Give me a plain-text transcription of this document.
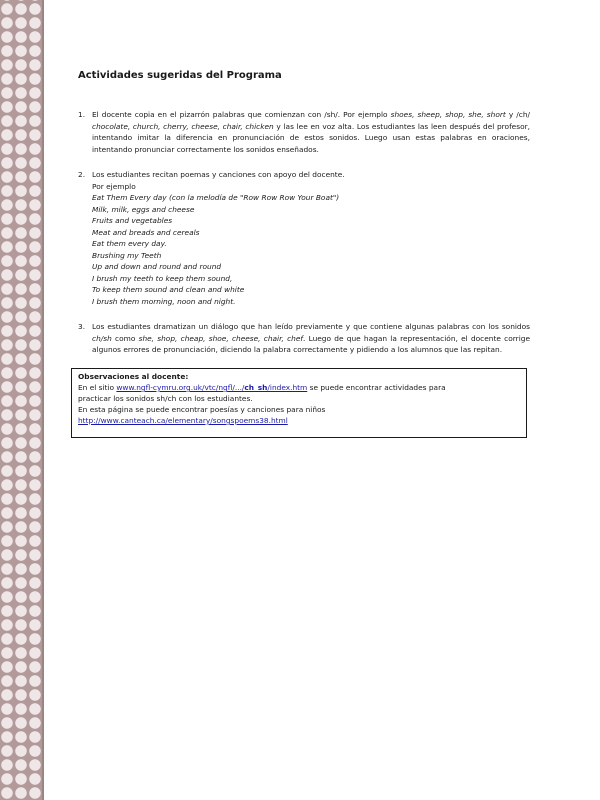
Actividades sugeridas del Programa
1. El docente copia en el pizarrón palabras que comienzan con /sh/. Por ejemplo shoes, sheep, shop, she, short y /ch/ chocolate, church, cherry, cheese, chair, chicken y las lee en voz alta. Los estudiantes las leen después del profesor, intentando imitar la diferencia en pronunciación de estos sonidos. Luego usan estas palabras en oraciones, intentando pronunciar correctamente los sonidos enseñados.
2. Los estudiantes recitan poemas y canciones con apoyo del docente.
Por ejemplo
Eat Them Every day (con la melodía de "Row Row Row Your Boat")
Milk, milk, eggs and cheese
Fruits and vegetables
Meat and breads and cereals
Eat them every day.
Brushing my Teeth
Up and down and round and round
I brush my teeth to keep them sound,
To keep them sound and clean and white
I brush them morning, noon and night.
3. Los estudiantes dramatizan un diálogo que han leído previamente y que contiene algunas palabras con los sonidos ch/sh como she, shop, cheap, shoe, cheese, chair, chef. Luego de que hagan la representación, el docente corrige algunos errores de pronunciación, diciendo la palabra correctamente y pidiendo a los alumnos que las repitan.
Observaciones al docente:
En el sitio www.ngfl-cymru.org.uk/vtc/ngfl/.../ch_sh/index.htm se puede encontrar actividades para
practicar los sonidos sh/ch con los estudiantes.
En esta página se puede encontrar poesías y canciones para niños
http://www.canteach.ca/elementary/songspoems38.html
